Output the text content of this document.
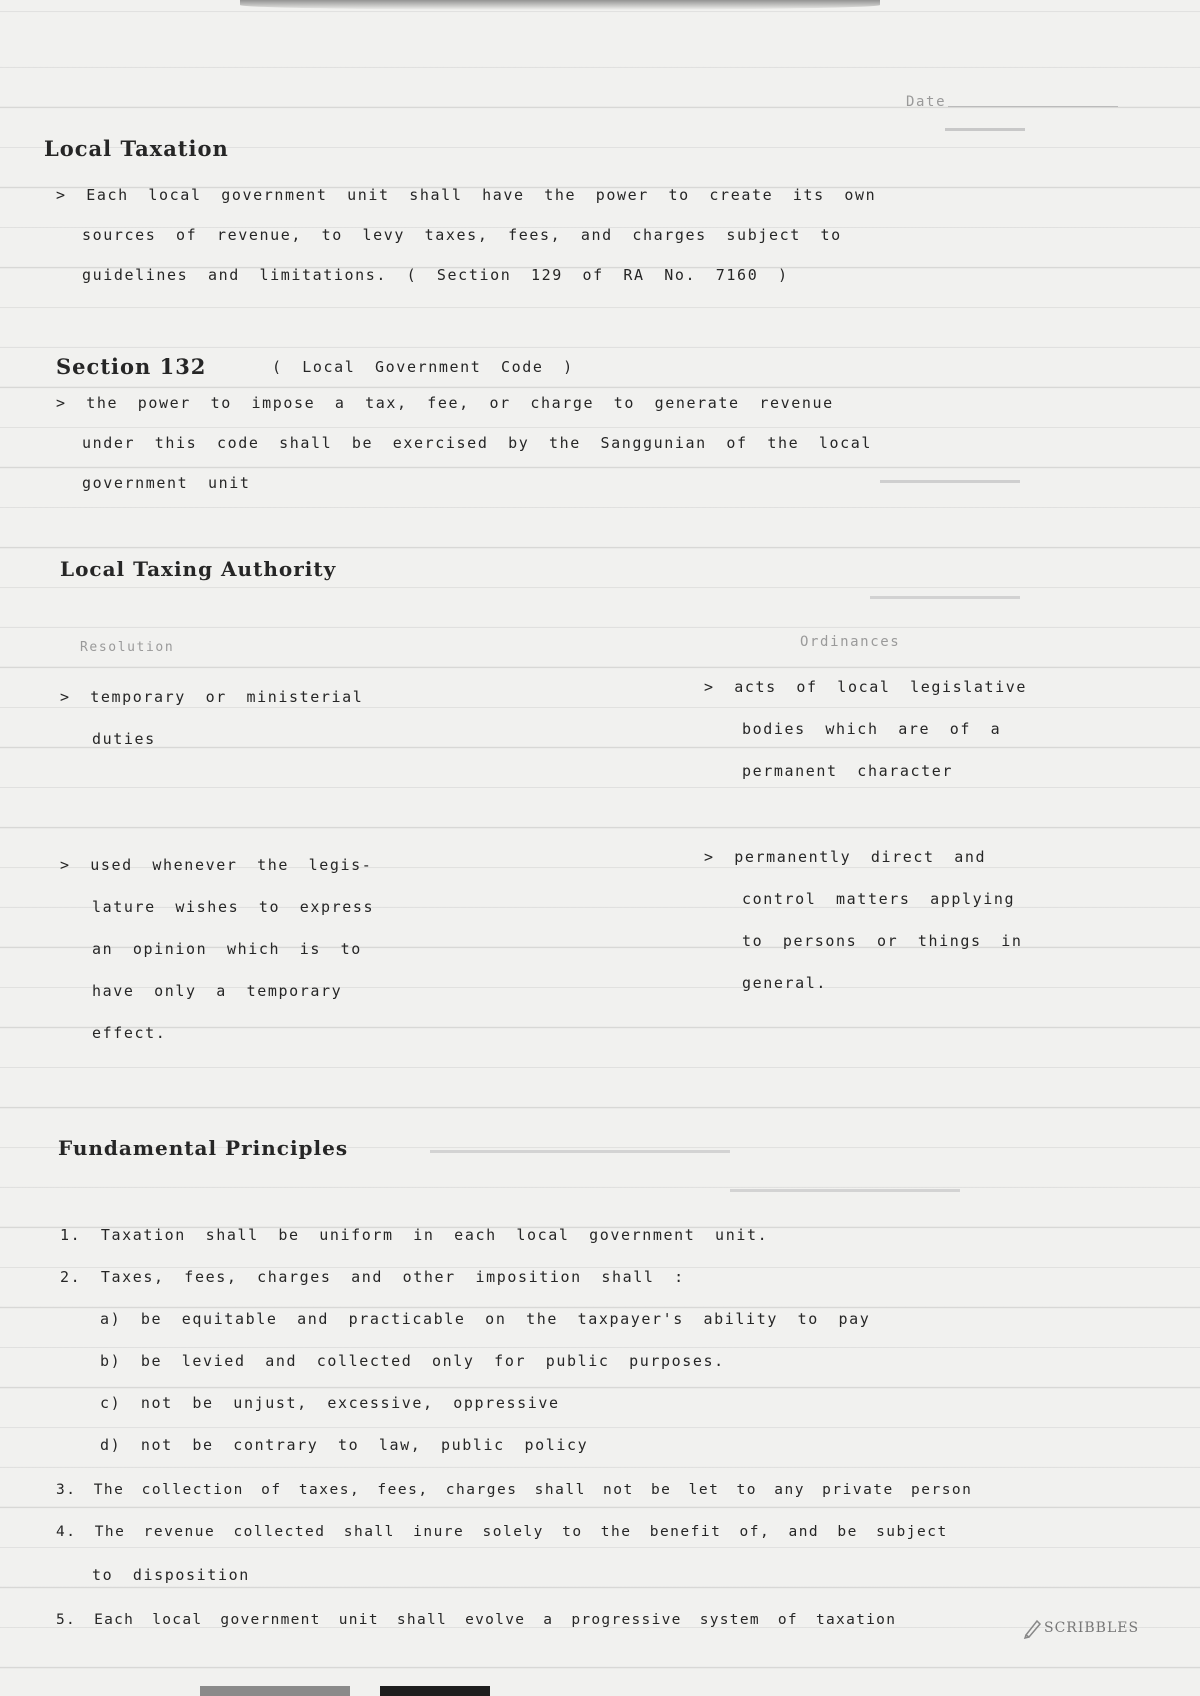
Date
Local Taxation
> Each local government unit shall have the power to create its own
sources of revenue, to levy taxes, fees, and charges subject to
guidelines and limitations. ( Section 129 of RA No. 7160 )
Section 132	( Local Government Code )
> the power to impose a tax, fee, or charge to generate revenue
under this code shall be exercised by the Sanggunian of the local
government unit
Local Taxing Authority
Resolution	Ordinances
> temporary or ministerial
duties
> acts of local legislative
bodies which are of a
permanent character
> used whenever the legis-
lature wishes to express
an opinion which is to
have only a temporary
effect.
> permanently direct and
control matters applying
to persons or things in
general.
Fundamental Principles
1. Taxation shall be uniform in each local government unit.
2. Taxes, fees, charges and other imposition shall :
a) be equitable and practicable on the taxpayer's ability to pay
b) be levied and collected only for public purposes.
c) not be unjust, excessive, oppressive
d) not be contrary to law, public policy
3. The collection of taxes, fees, charges shall not be let to any private person
4. The revenue collected shall inure solely to the benefit of, and be subject
to disposition
5. Each local government unit shall evolve a progressive system of taxation	SCRIBBLES
